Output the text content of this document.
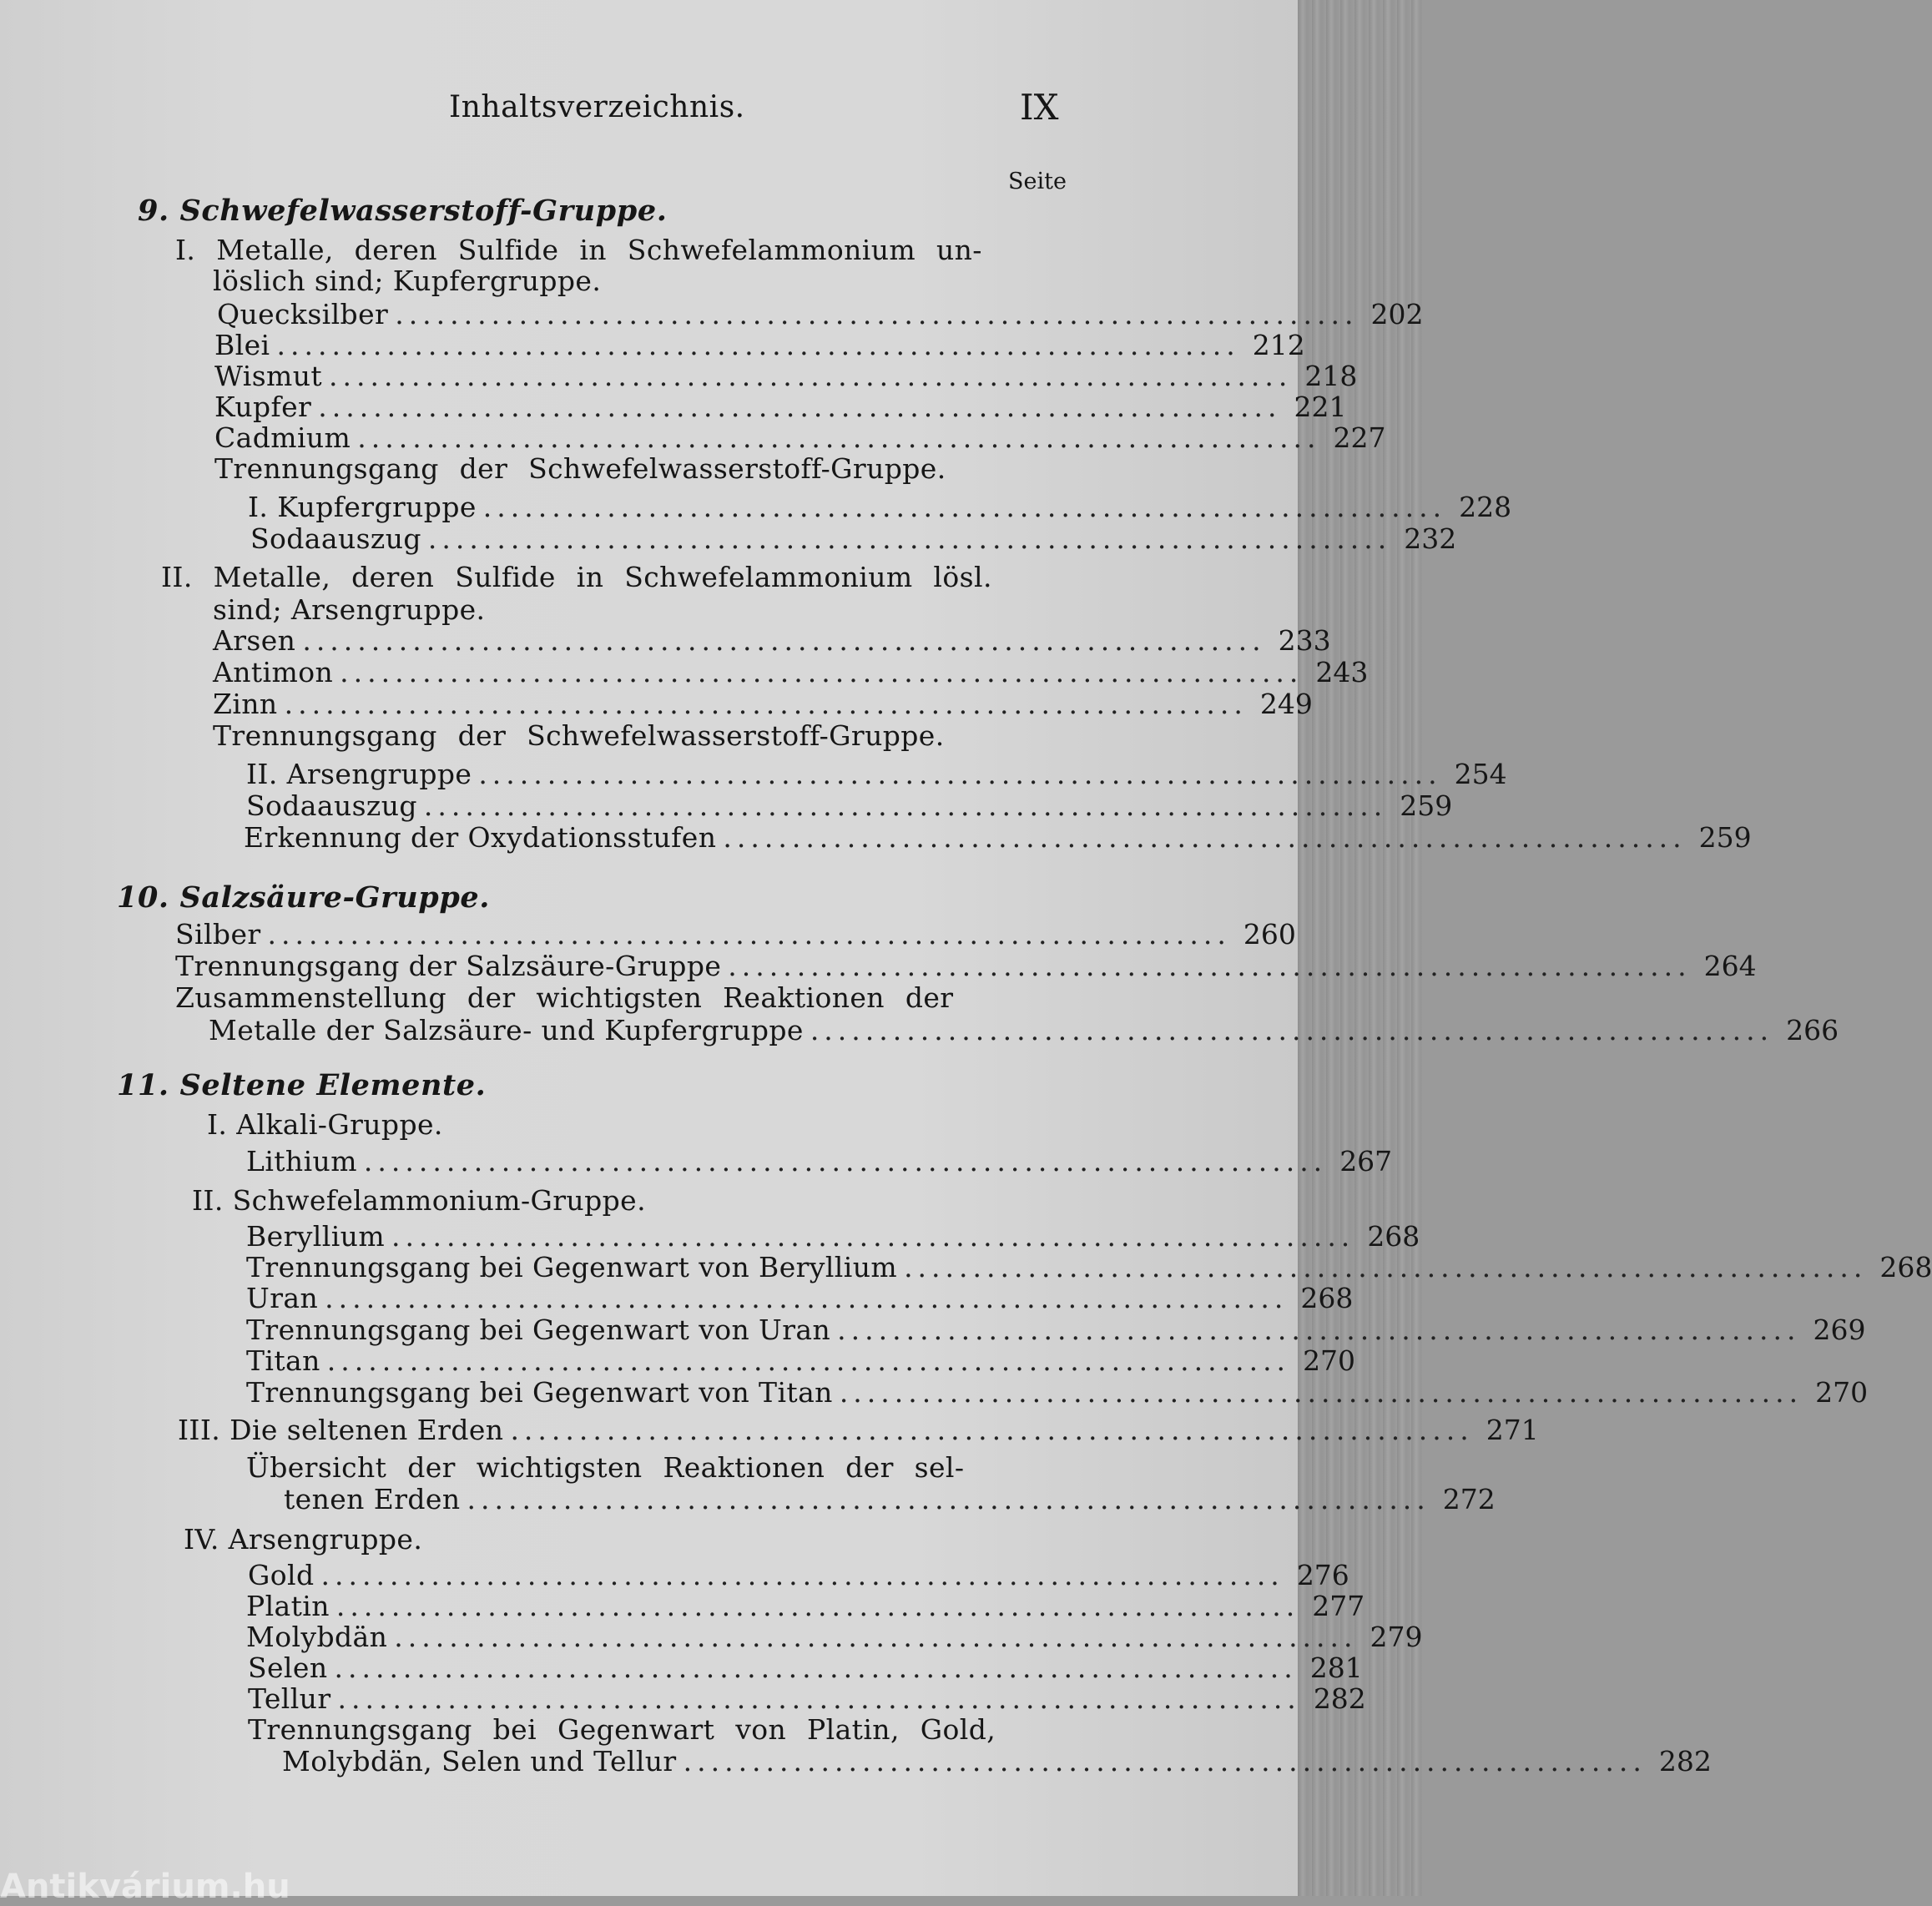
Inhaltsverzeichnis.	IX
Seite
9. Schwefelwasserstoff-Gruppe.
I. Metalle, deren Sulfide in Schwefelammonium un-
löslich sind; Kupfergruppe.
Quecksilber ...................................................................... 202
Blei ...................................................................... 212
Wismut ...................................................................... 218
Kupfer ...................................................................... 221
Cadmium ...................................................................... 227
Trennungsgang der Schwefelwasserstoff-Gruppe.
I. Kupfergruppe ...................................................................... 228
Sodaauszug ...................................................................... 232
II. Metalle, deren Sulfide in Schwefelammonium lösl.
sind; Arsengruppe.
Arsen ...................................................................... 233
Antimon ...................................................................... 243
Zinn ...................................................................... 249
Trennungsgang der Schwefelwasserstoff-Gruppe.
II. Arsengruppe ...................................................................... 254
Sodaauszug ...................................................................... 259
Erkennung der Oxydationsstufen ...................................................................... 259
10. Salzsäure-Gruppe.
Silber ...................................................................... 260
Trennungsgang der Salzsäure-Gruppe ...................................................................... 264
Zusammenstellung der wichtigsten Reaktionen der
Metalle der Salzsäure- und Kupfergruppe ...................................................................... 266
11. Seltene Elemente.
I. Alkali-Gruppe.
Lithium ...................................................................... 267
II. Schwefelammonium-Gruppe.
Beryllium ...................................................................... 268
Trennungsgang bei Gegenwart von Beryllium ...................................................................... 268
Uran ...................................................................... 268
Trennungsgang bei Gegenwart von Uran ...................................................................... 269
Titan ...................................................................... 270
Trennungsgang bei Gegenwart von Titan ...................................................................... 270
III. Die seltenen Erden ...................................................................... 271
Übersicht der wichtigsten Reaktionen der sel-
tenen Erden ...................................................................... 272
IV. Arsengruppe.
Gold ...................................................................... 276
Platin ...................................................................... 277
Molybdän ...................................................................... 279
Selen ...................................................................... 281
Tellur ...................................................................... 282
Trennungsgang bei Gegenwart von Platin, Gold,
Molybdän, Selen und Tellur ...................................................................... 282
Antikvárium.hu
